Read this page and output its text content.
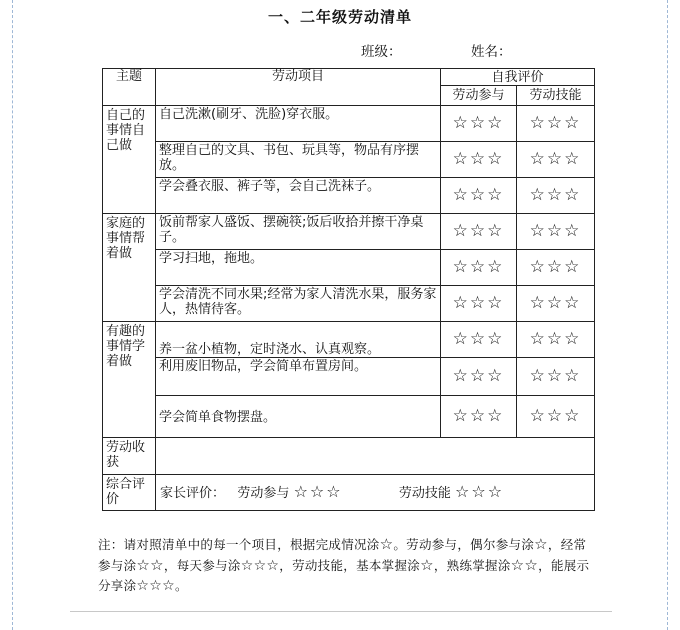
一、二年级劳动清单
班级：	姓名：
主题	劳动项目	自我评价	
		劳动参与	劳动技能
自己的事情自己做	自己洗漱(刷牙、洗脸)穿衣服。	☆☆☆	☆☆☆
	整理自己的文具、书包、玩具等，物品有序摆放。	☆☆☆	☆☆☆
	学会叠衣服、裤子等，会自己洗袜子。	☆☆☆	☆☆☆
家庭的事情帮着做	饭前帮家人盛饭、摆碗筷;饭后收拾并擦干净桌子。	☆☆☆	☆☆☆
	学习扫地，拖地。	☆☆☆	☆☆☆
	学会清洗不同水果;经常为家人清洗水果，服务家人，热情待客。	☆☆☆	☆☆☆
有趣的事情学着做	养一盆小植物，定时浇水、认真观察。	☆☆☆	☆☆☆
	利用废旧物品，学会简单布置房间。	☆☆☆	☆☆☆
	学会简单食物摆盘。	☆☆☆	☆☆☆
劳动收获			
综合评价	家长评价： 劳动参与 ☆☆☆ 劳动技能 ☆☆☆		
注：请对照清单中的每一个项目，根据完成情况涂☆。劳动参与，偶尔参与涂☆，经常参与涂☆☆，每天参与涂☆☆☆，劳动技能，基本掌握涂☆，熟练掌握涂☆☆，能展示分享涂☆☆☆。
